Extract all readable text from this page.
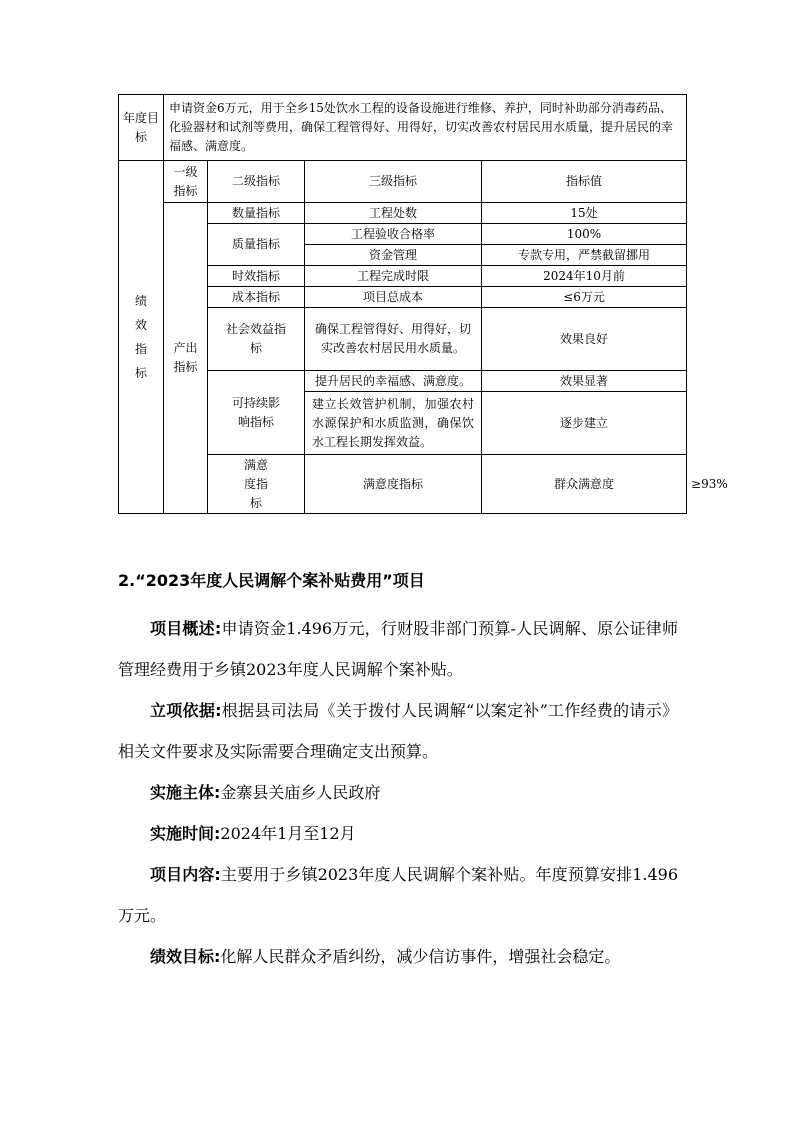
年度目标	申请资金6万元，用于全乡15处饮水工程的设备设施进行维修、养护，同时补助部分消毒药品、化验器材和试剂等费用，确保工程管得好、用得好，切实改善农村居民用水质量，提升居民的幸福感、满意度。				

绩效指标	一级指标	二级指标	三级指标	指标值	

	产出指标	数量指标	工程处数	15处	
		质量指标	工程验收合格率	100%	
			资金管理	专款专用，严禁截留挪用	
		时效指标	工程完成时限	2024年10月前	
		成本指标	项目总成本	≤6万元	

		社会效益指标	确保工程管得好、用得好，切实改善农村居民用水质量。	效果良好	

		可持续影响指标	提升居民的幸福感、满意度。	效果显著	

			建立长效管护机制，加强农村水源保护和水质监测，确保饮水工程长期发挥效益。	逐步建立	

		满意度指标	满意度指标	群众满意度	≥93%
2.“2023年度人民调解个案补贴费用”项目
项目概述:申请资金1.496万元，行财股非部门预算-人民调解、原公证律师管理经费用于乡镇2023年度人民调解个案补贴。
立项依据:根据县司法局《关于拨付人民调解“以案定补”工作经费的请示》相关文件要求及实际需要合理确定支出预算。
实施主体:金寨县关庙乡人民政府
实施时间:2024年1月至12月
项目内容:主要用于乡镇2023年度人民调解个案补贴。年度预算安排1.496万元。
绩效目标:化解人民群众矛盾纠纷，减少信访事件，增强社会稳定。
